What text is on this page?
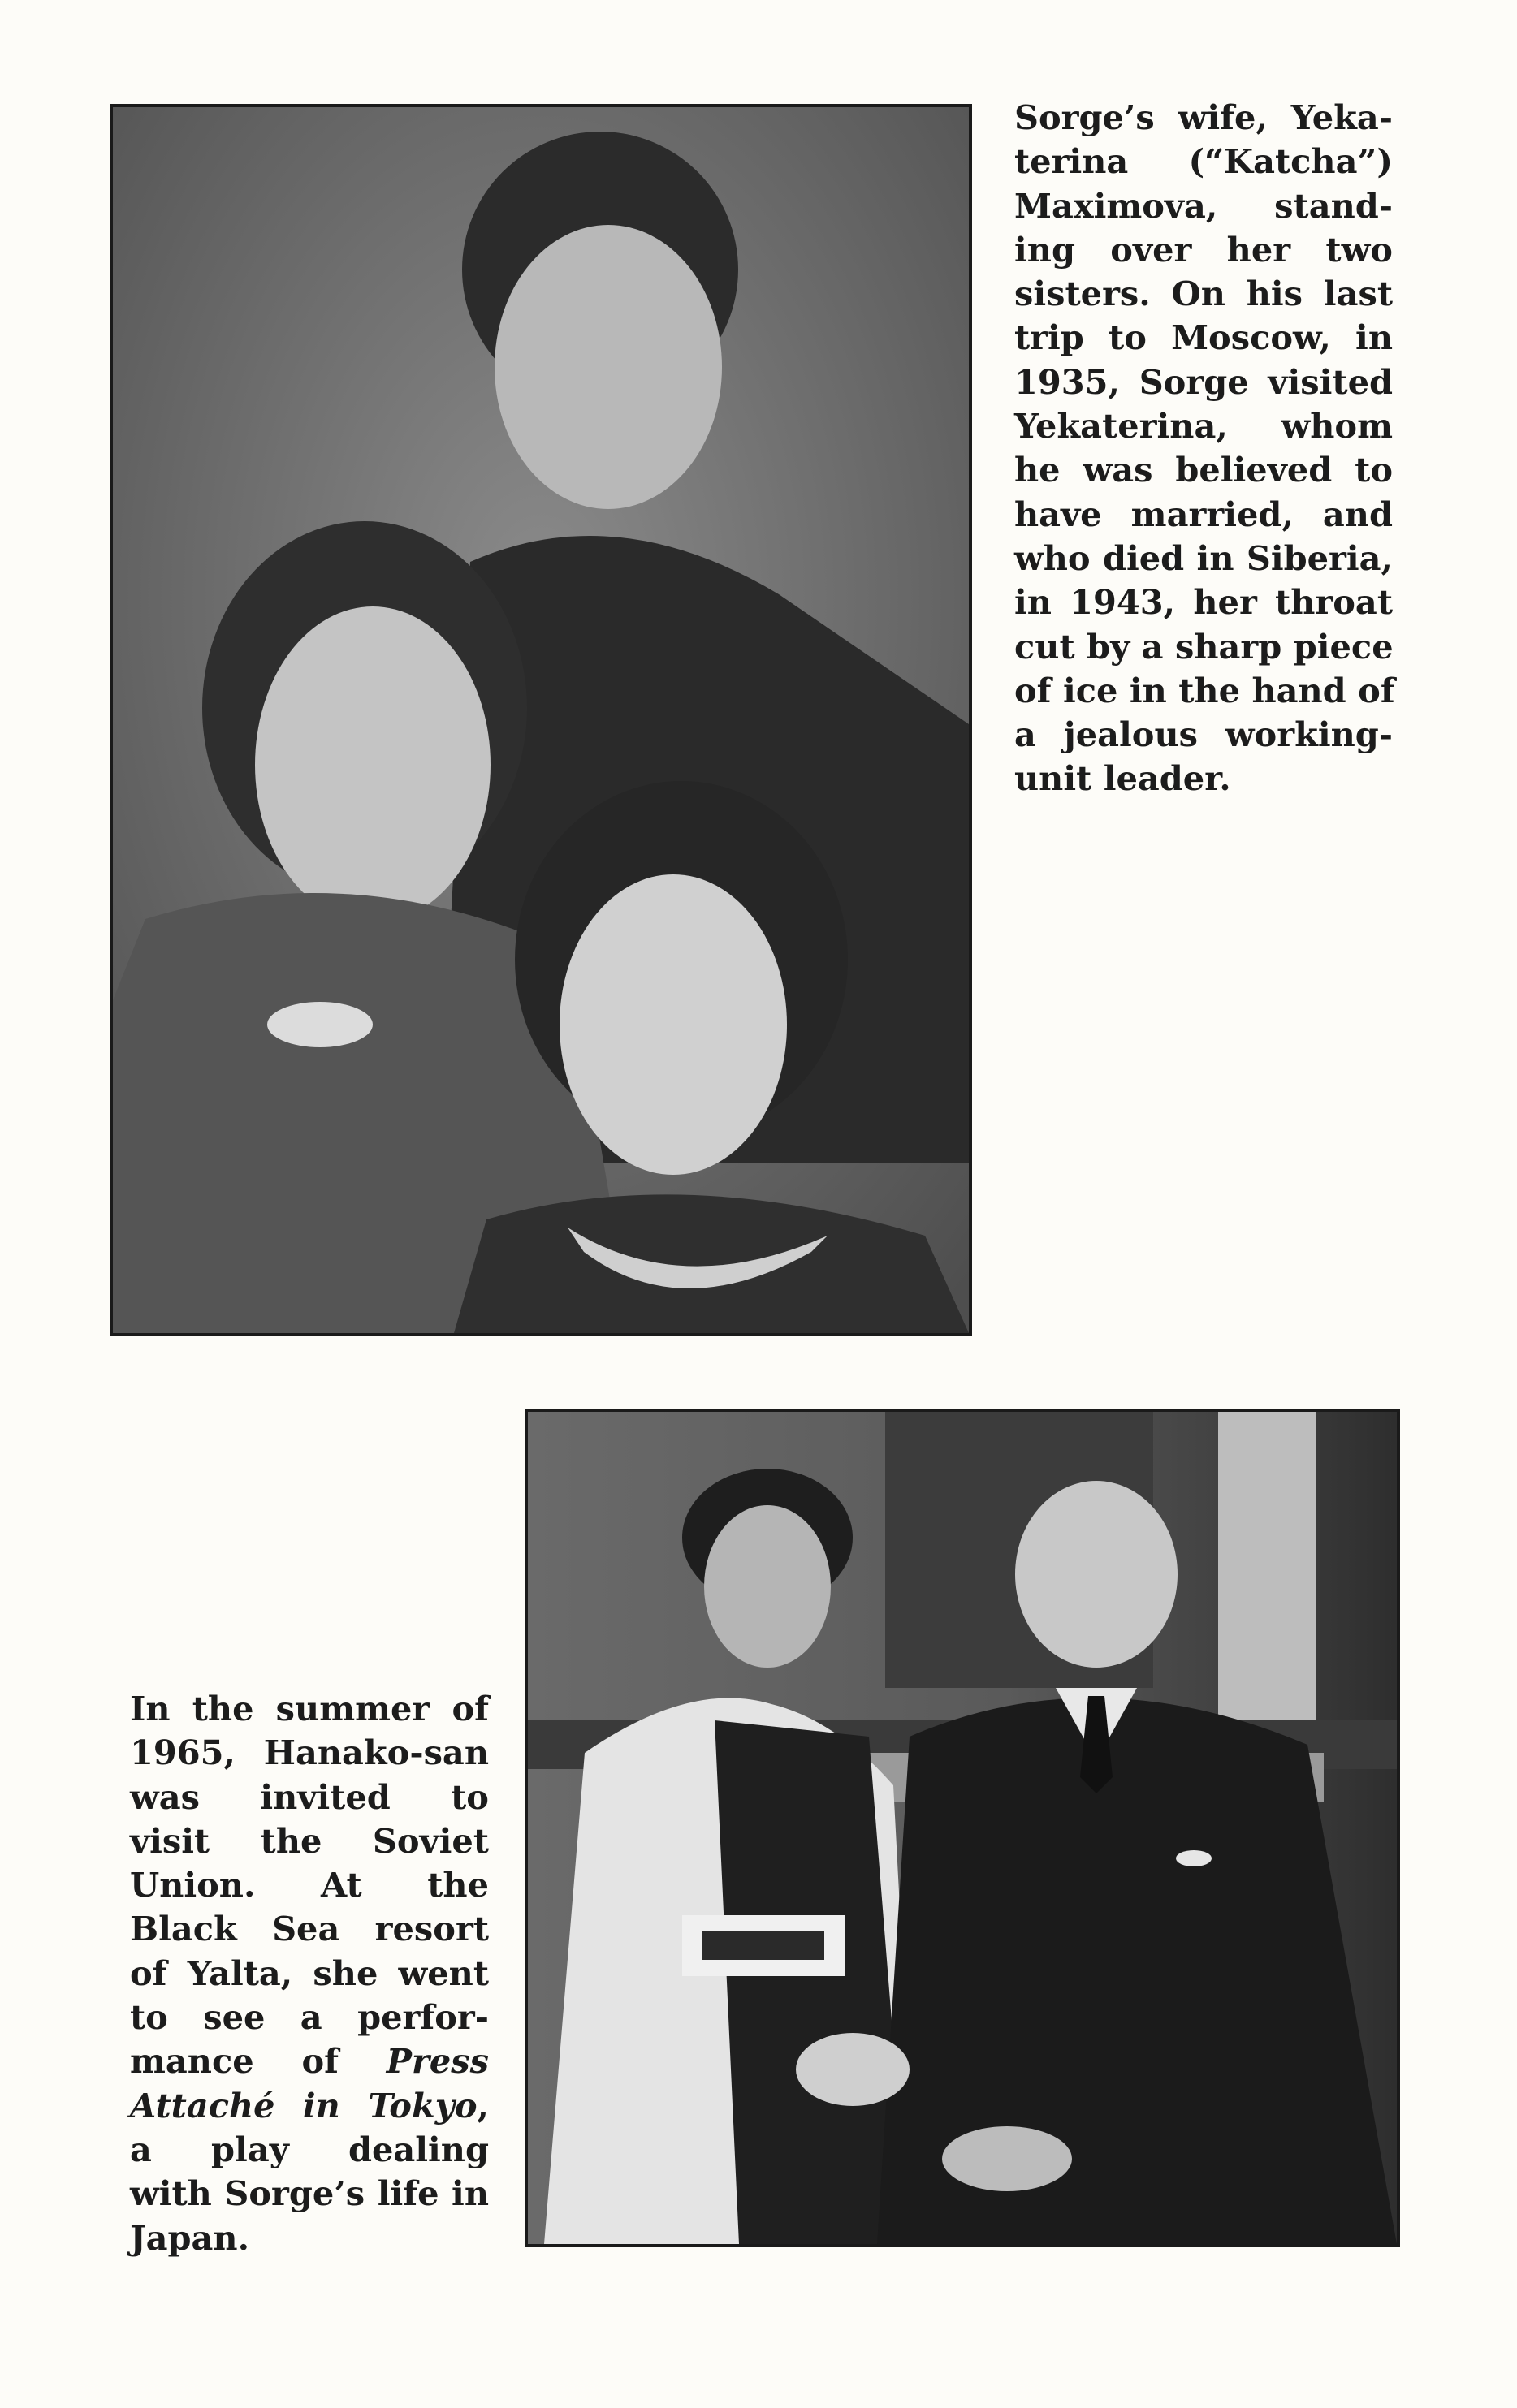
Sorge’s wife, Yeka-
terina (“Katcha”)
Maximova, stand-
ing over her two
sisters. On his last
trip to Moscow, in
1935, Sorge visited
Yekaterina, whom
he was believed to
have married, and
who died in Siberia,
in 1943, her throat
cut by a sharp piece
of ice in the hand of
a jealous working-
unit leader.

In the summer of
1965, Hanako-san
was invited to
visit the Soviet
Union. At the
Black Sea resort
of Yalta, she went
to see a perfor-
mance of Press
Attaché in Tokyo,
a play dealing
with Sorge’s life in
Japan.
